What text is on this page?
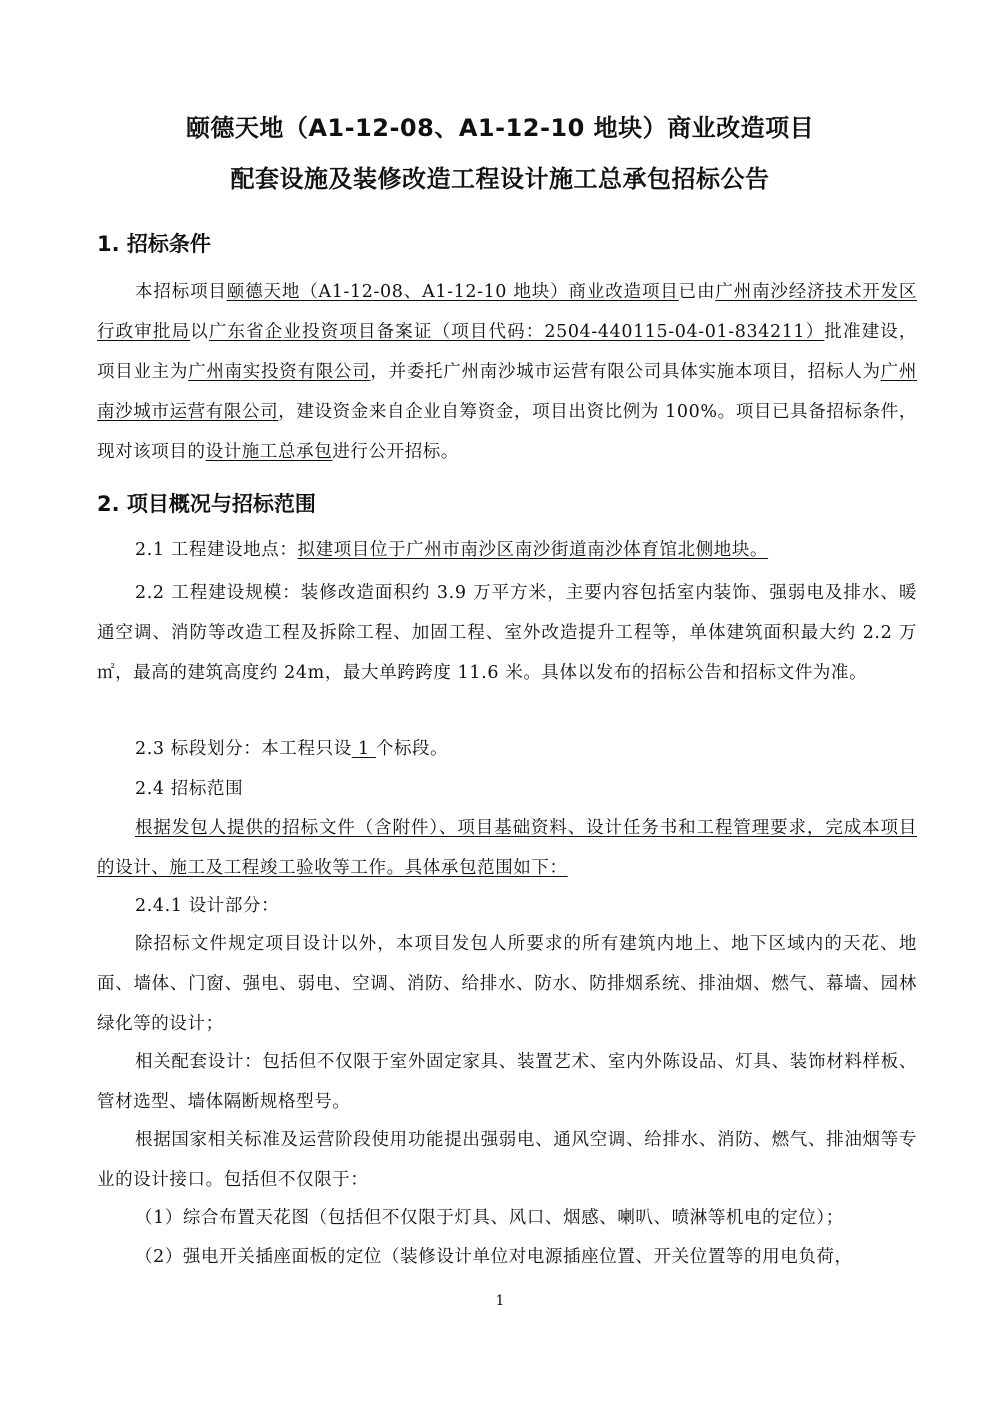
颐德天地（A1-12-08、A1-12-10 地块）商业改造项目
配套设施及装修改造工程设计施工总承包招标公告
1. 招标条件
本招标项目颐德天地（A1-12-08、A1-12-10 地块）商业改造项目已由广州南沙经济技术开发区行政审批局以广东省企业投资项目备案证（项目代码：2504-440115-04-01-834211）批准建设，项目业主为广州南实投资有限公司，并委托广州南沙城市运营有限公司具体实施本项目，招标人为广州南沙城市运营有限公司，建设资金来自企业自筹资金，项目出资比例为 100%。项目已具备招标条件，现对该项目的设计施工总承包进行公开招标。
2. 项目概况与招标范围
2.1 工程建设地点：拟建项目位于广州市南沙区南沙街道南沙体育馆北侧地块。
2.2 工程建设规模：装修改造面积约 3.9 万平方米，主要内容包括室内装饰、强弱电及排水、暖通空调、消防等改造工程及拆除工程、加固工程、室外改造提升工程等，单体建筑面积最大约 2.2 万㎡，最高的建筑高度约 24m，最大单跨跨度 11.6 米。具体以发布的招标公告和招标文件为准。
2.3 标段划分：本工程只设 1 个标段。
2.4 招标范围
根据发包人提供的招标文件（含附件）、项目基础资料、设计任务书和工程管理要求，完成本项目的设计、施工及工程竣工验收等工作。具体承包范围如下：
2.4.1 设计部分：
除招标文件规定项目设计以外，本项目发包人所要求的所有建筑内地上、地下区域内的天花、地面、墙体、门窗、强电、弱电、空调、消防、给排水、防水、防排烟系统、排油烟、燃气、幕墙、园林绿化等的设计；
相关配套设计：包括但不仅限于室外固定家具、装置艺术、室内外陈设品、灯具、装饰材料样板、管材选型、墙体隔断规格型号。
根据国家相关标准及运营阶段使用功能提出强弱电、通风空调、给排水、消防、燃气、排油烟等专业的设计接口。包括但不仅限于：
（1）综合布置天花图（包括但不仅限于灯具、风口、烟感、喇叭、喷淋等机电的定位）；
（2）强电开关插座面板的定位（装修设计单位对电源插座位置、开关位置等的用电负荷，
1
